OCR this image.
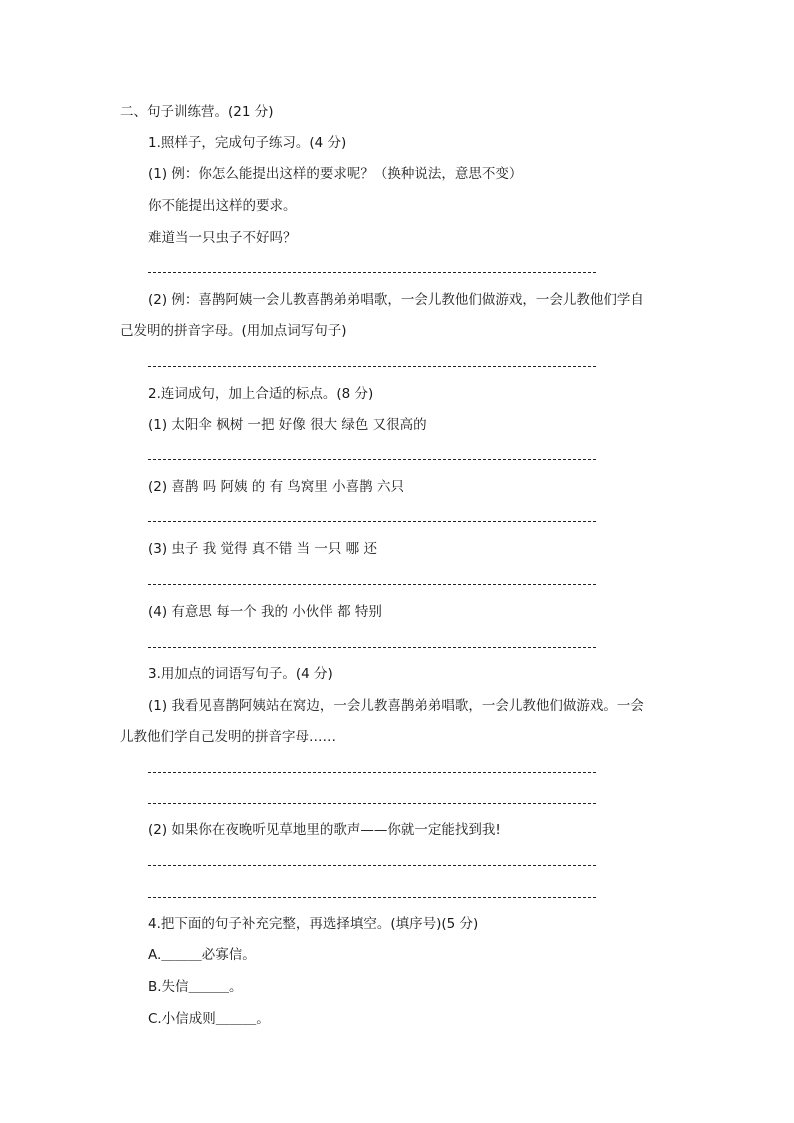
二、句子训练营。(21 分)
1.照样子，完成句子练习。(4 分)
(1) 例：你怎么能提出这样的要求呢？（换种说法，意思不变）
你不能提出这样的要求。
难道当一只虫子不好吗？
(2) 例：喜鹊阿姨一会儿教喜鹊弟弟唱歌，一会儿教他们做游戏，一会儿教他们学自
己发明的拼音字母。(用加点词写句子)
2.连词成句，加上合适的标点。(8 分)
(1) 太阳伞 枫树 一把 好像 很大 绿色 又很高的
(2) 喜鹊 吗 阿姨 的 有 鸟窝里 小喜鹊 六只
(3) 虫子 我 觉得 真不错 当 一只 哪 还
(4) 有意思 每一个 我的 小伙伴 都 特别
3.用加点的词语写句子。(4 分)
(1) 我看见喜鹊阿姨站在窝边，一会儿教喜鹊弟弟唱歌，一会儿教他们做游戏。一会
儿教他们学自己发明的拼音字母……
(2) 如果你在夜晚听见草地里的歌声——你就一定能找到我!
4.把下面的句子补充完整，再选择填空。(填序号)(5 分)
A.＿＿＿必寡信。
B.失信＿＿＿。
C.小信成则＿＿＿。
